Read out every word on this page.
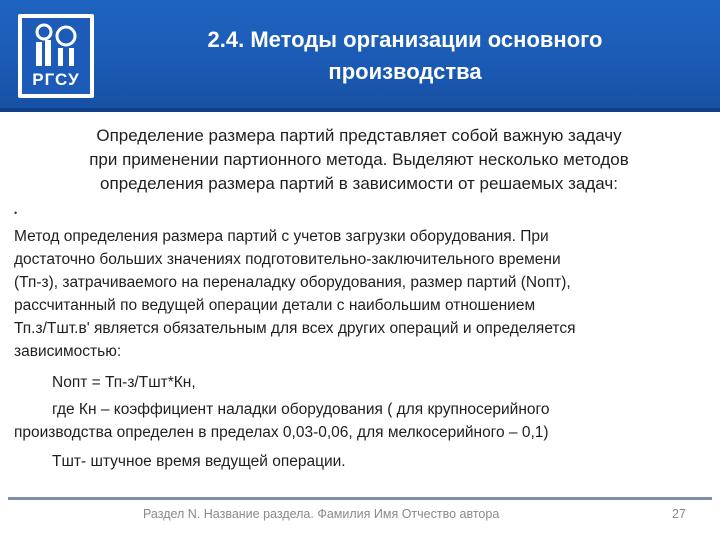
РГСУ
2.4. Методы организации основного
производства
Определение размера партий представляет собой важную задачу
при применении партионного метода. Выделяют несколько методов
определения размера партий в зависимости от решаемых задач:
•
Метод определения размера партий с учетов загрузки оборудования. При
достаточно больших значениях подготовительно-заключительного времени
(Тп-з), затрачиваемого на переналадку оборудования, размер партий (Nопт),
рассчитанный по ведущей операции детали с наибольшим отношением
Тп.з/Тшт.в' является обязательным для всех других операций и определяется
зависимостью:
Nопт = Тп-з/Тшт*Кн,
где Кн – коэффициент наладки оборудования ( для крупносерийного
производства определен в пределах 0,03-0,06, для мелкосерийного – 0,1)
Тшт- штучное время ведущей операции.
Раздел N. Название раздела. Фамилия Имя Отчество автора	27
